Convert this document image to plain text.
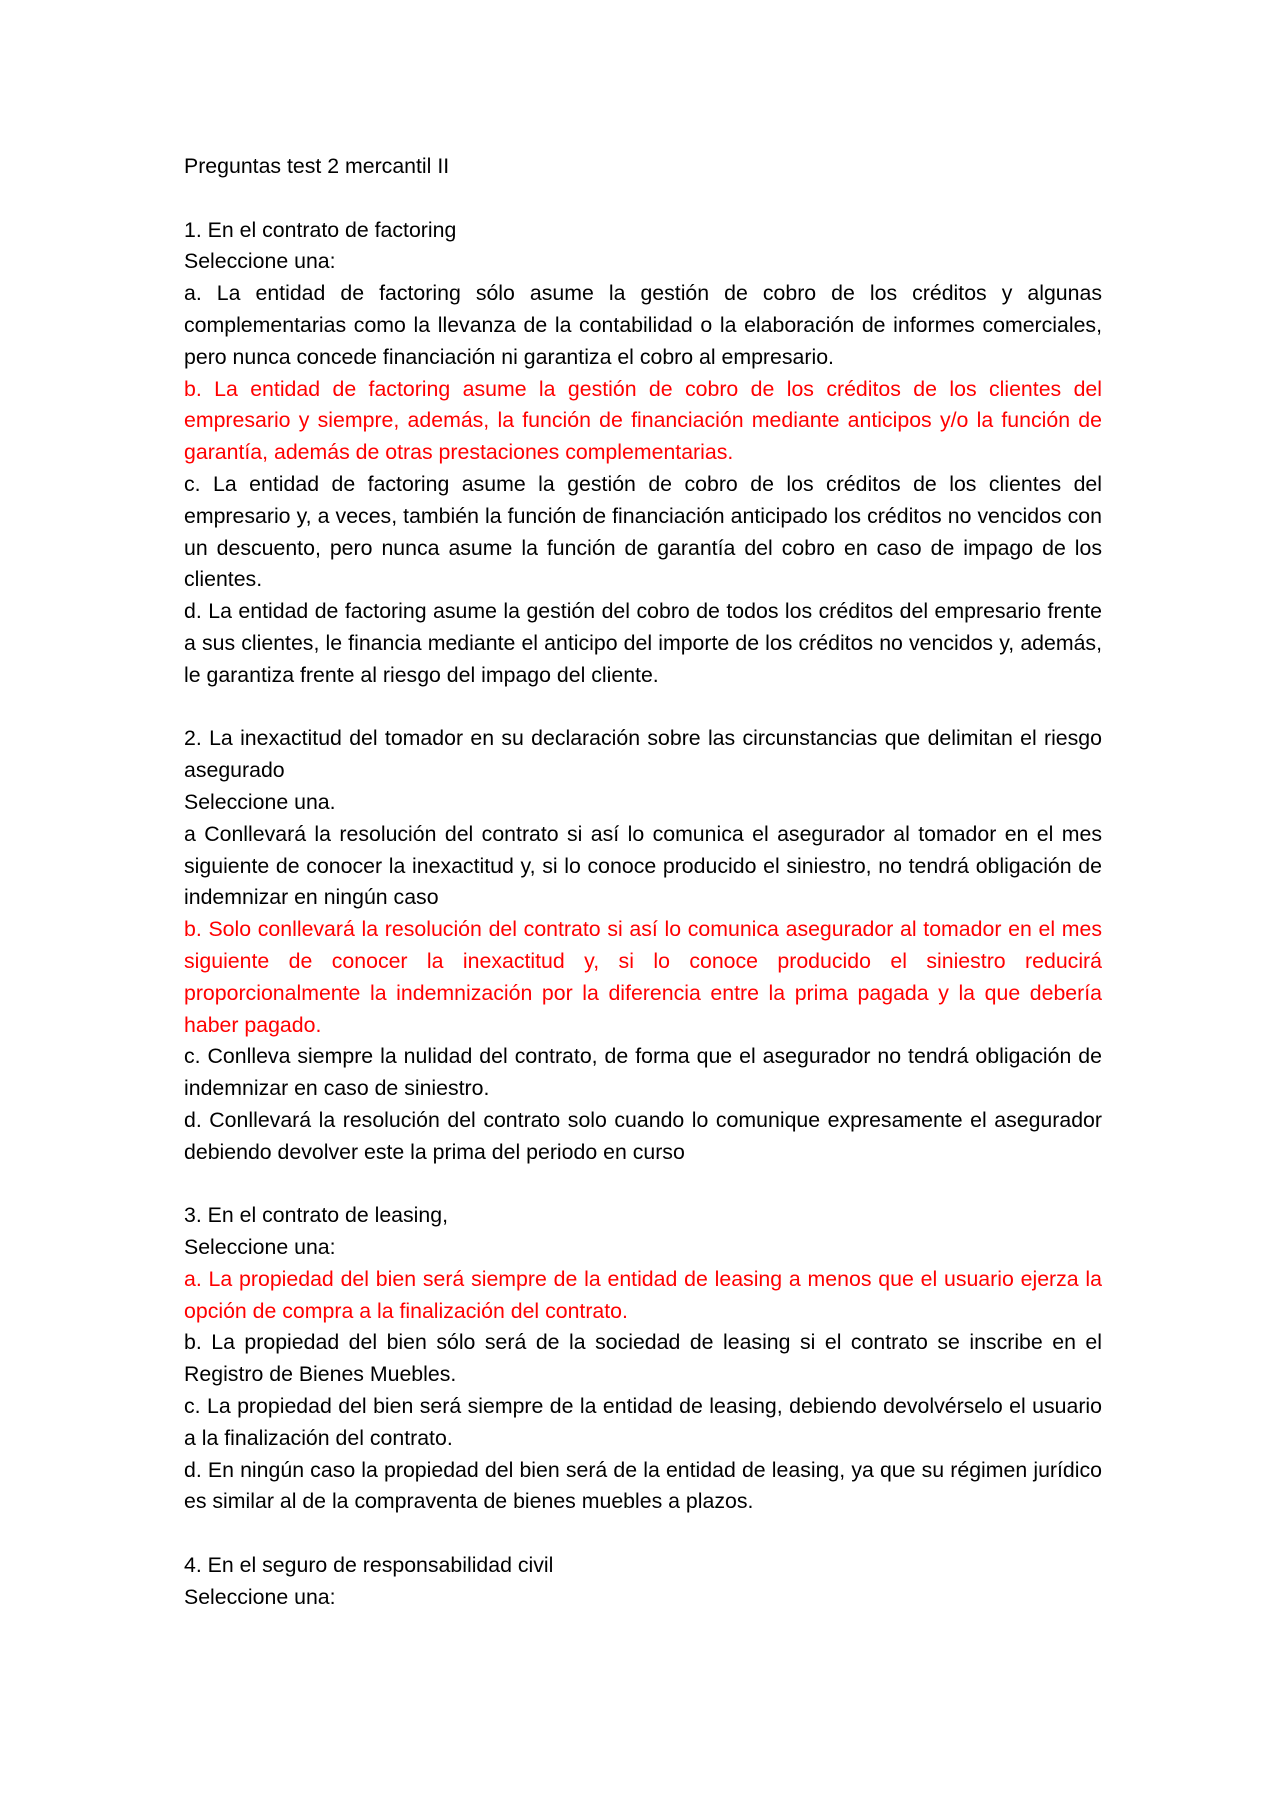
Preguntas test 2 mercantil II

1. En el contrato de factoring

Seleccione una:

a. La entidad de factoring sólo asume la gestión de cobro de los créditos y algunas complementarias como la llevanza de la contabilidad o la elaboración de informes comerciales, pero nunca concede financiación ni garantiza el cobro al empresario.

b. La entidad de factoring asume la gestión de cobro de los créditos de los clientes del empresario y siempre, además, la función de financiación mediante anticipos y/o la función de garantía, además de otras prestaciones complementarias.

c. La entidad de factoring asume la gestión de cobro de los créditos de los clientes del empresario y, a veces, también la función de financiación anticipado los créditos no vencidos con un descuento, pero nunca asume la función de garantía del cobro en caso de impago de los clientes.

d. La entidad de factoring asume la gestión del cobro de todos los créditos del empresario frente a sus clientes, le financia mediante el anticipo del importe de los créditos no vencidos y, además, le garantiza frente al riesgo del impago del cliente.

2. La inexactitud del tomador en su declaración sobre las circunstancias que delimitan el riesgo asegurado

Seleccione una.

a Conllevará la resolución del contrato si así lo comunica el asegurador al tomador en el mes siguiente de conocer la inexactitud y, si lo conoce producido el siniestro, no tendrá obligación de indemnizar en ningún caso

b. Solo conllevará la resolución del contrato si así lo comunica asegurador al tomador en el mes siguiente de conocer la inexactitud y, si lo conoce producido el siniestro reducirá proporcionalmente la indemnización por la diferencia entre la prima pagada y la que debería haber pagado.

c. Conlleva siempre la nulidad del contrato, de forma que el asegurador no tendrá obligación de indemnizar en caso de siniestro.

d. Conllevará la resolución del contrato solo cuando lo comunique expresamente el asegurador debiendo devolver este la prima del periodo en curso

3. En el contrato de leasing,

Seleccione una:

a. La propiedad del bien será siempre de la entidad de leasing a menos que el usuario ejerza la opción de compra a la finalización del contrato.

b. La propiedad del bien sólo será de la sociedad de leasing si el contrato se inscribe en el Registro de Bienes Muebles.

c. La propiedad del bien será siempre de la entidad de leasing, debiendo devolvérselo el usuario a la finalización del contrato.

d. En ningún caso la propiedad del bien será de la entidad de leasing, ya que su régimen jurídico es similar al de la compraventa de bienes muebles a plazos.

4. En el seguro de responsabilidad civil

Seleccione una:
